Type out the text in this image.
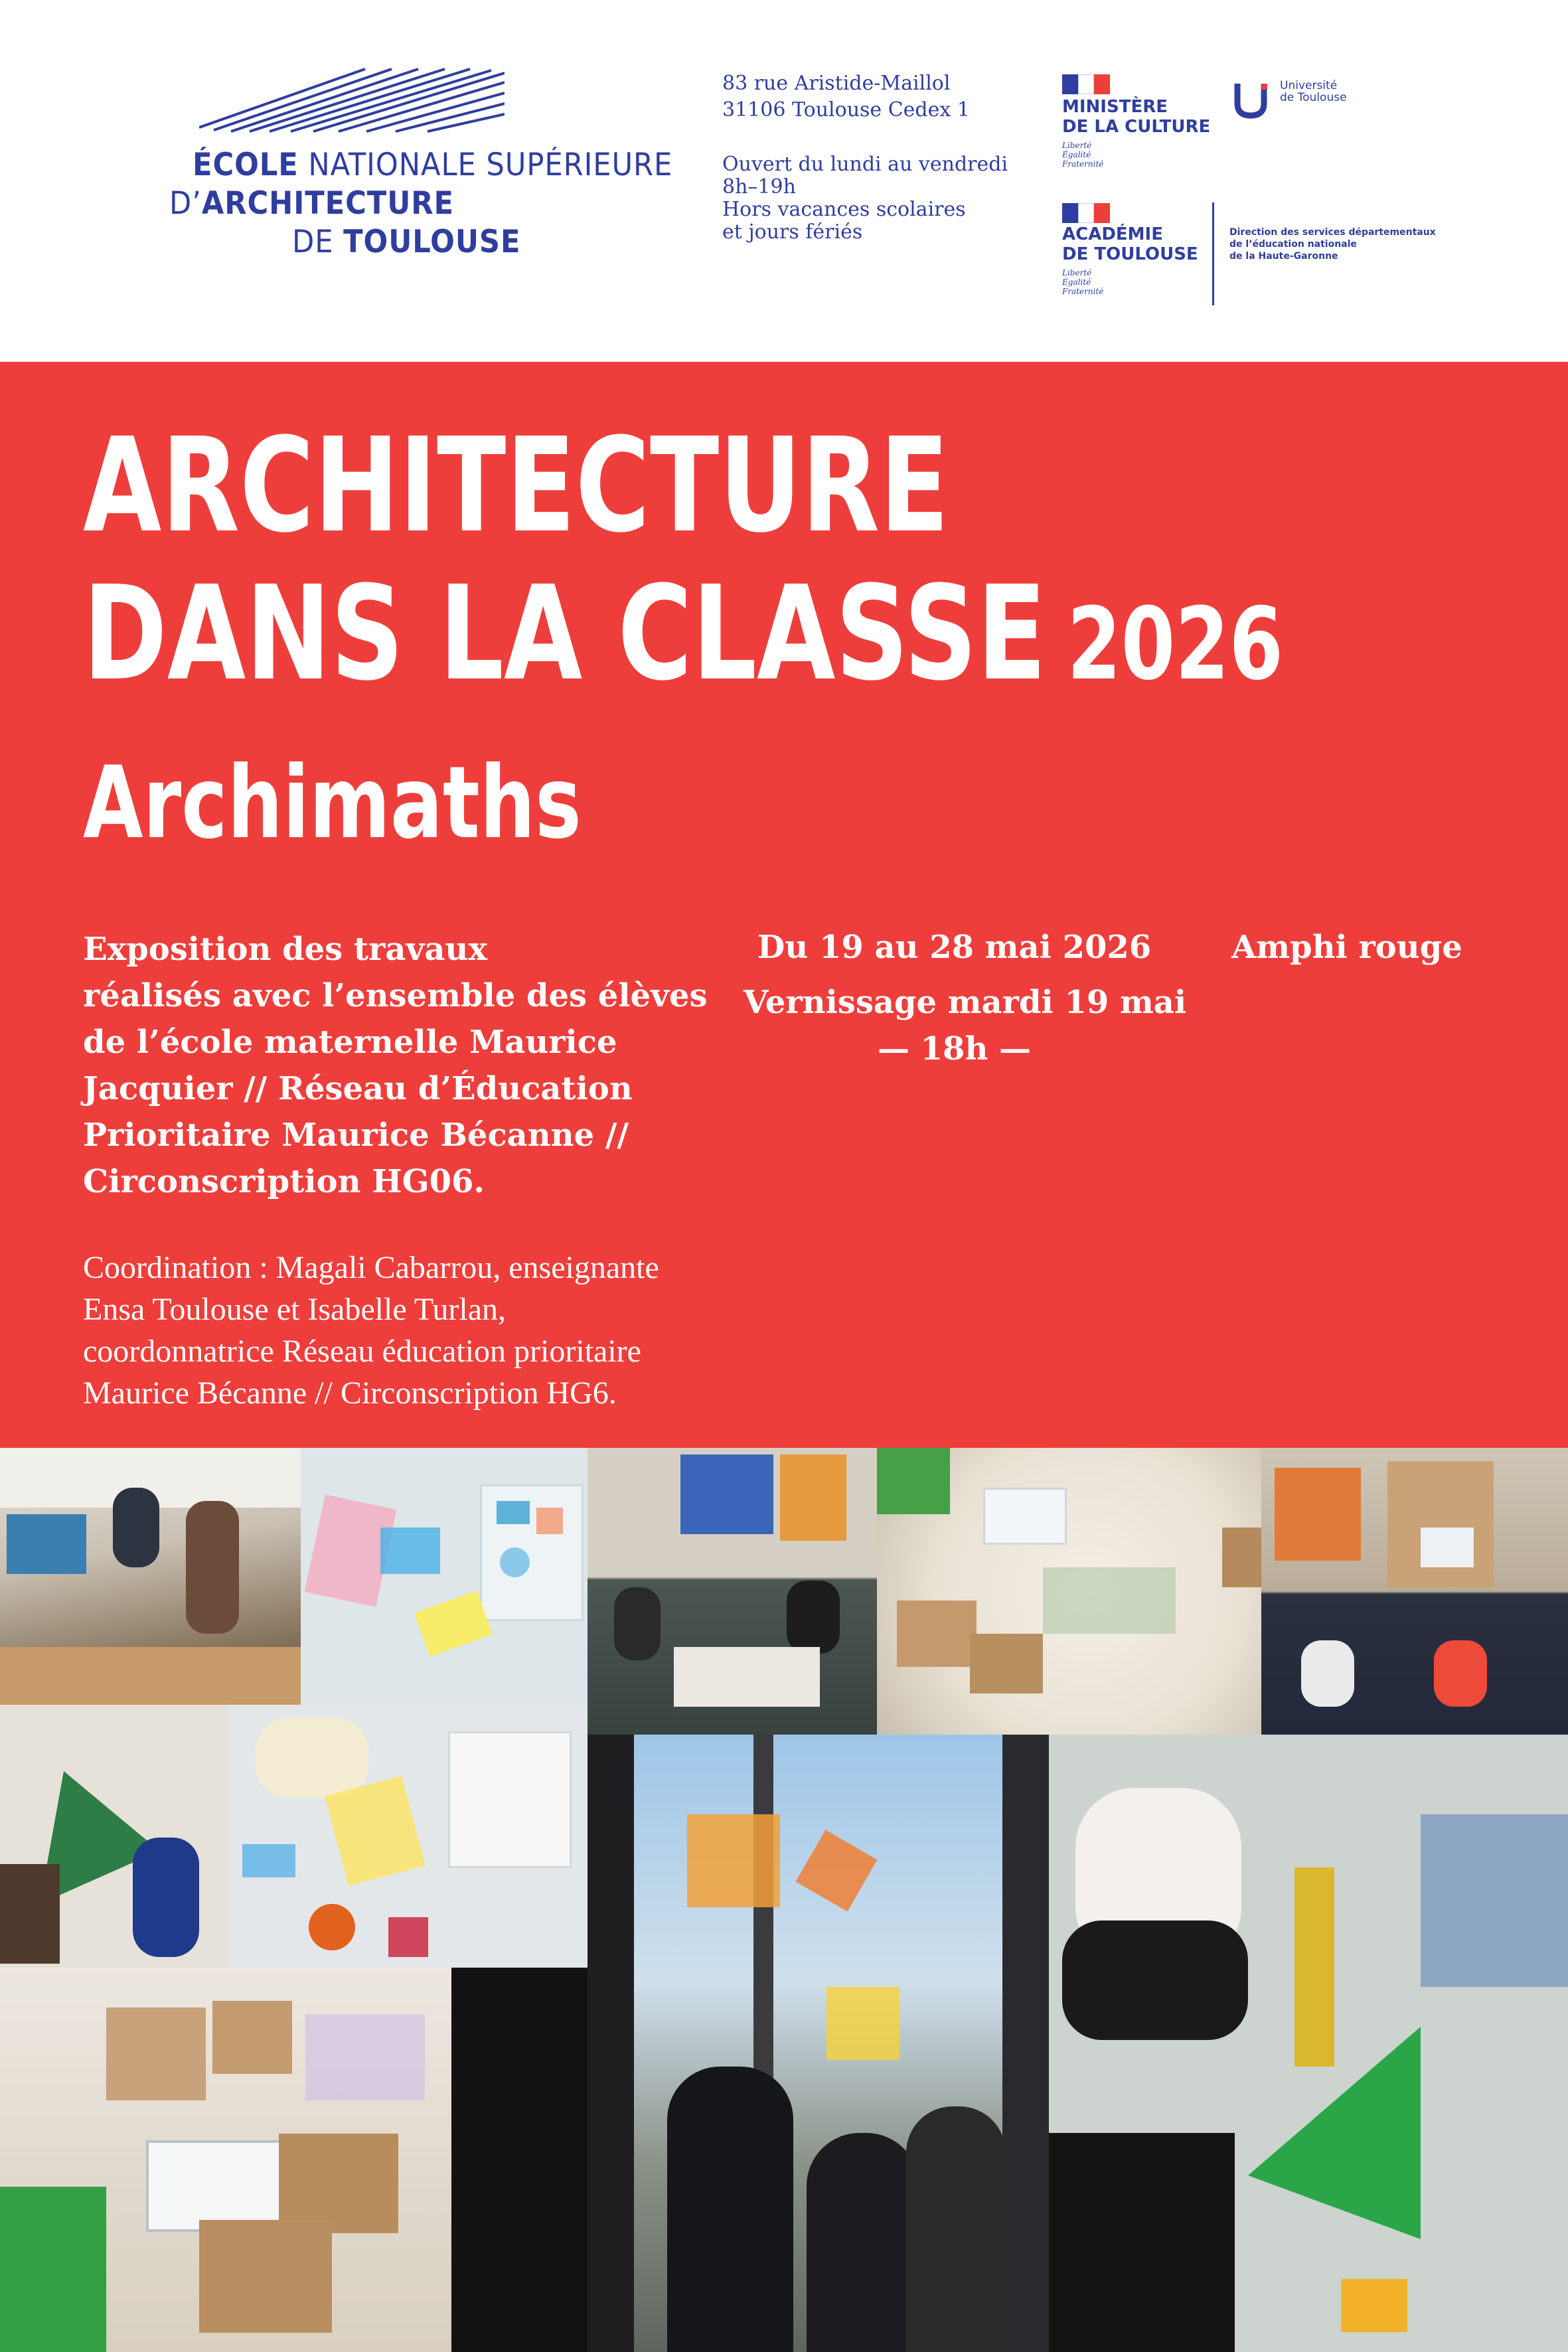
ÉCOLE NATIONALE SUPÉRIEURE
D’ARCHITECTURE
DE TOULOUSE
83 rue Aristide-Maillol
31106 Toulouse Cedex 1
Ouvert du lundi au vendredi
8h–19h
Hors vacances scolaires
et jours fériés
MINISTÈRE
DE LA CULTURE
Liberté
Égalité
Fraternité
Université
de Toulouse
ACADÉMIE
DE TOULOUSE
Liberté
Égalité
Fraternité
Direction des services départementaux
de l’éducation nationale
de la Haute-Garonne
ARCHITECTURE
DANS LA CLASSE 2026
Archimaths
Exposition des travaux
réalisés avec l’ensemble des élèves
de l’école maternelle Maurice
Jacquier // Réseau d’Éducation
Prioritaire Maurice Bécanne //
Circonscription HG06.
Du 19 au 28 mai 2026
Vernissage mardi 19 mai
— 18h —
Amphi rouge
Coordination : Magali Cabarrou, enseignante
Ensa Toulouse et Isabelle Turlan,
coordonnatrice Réseau éducation prioritaire
Maurice Bécanne // Circonscription HG6.
